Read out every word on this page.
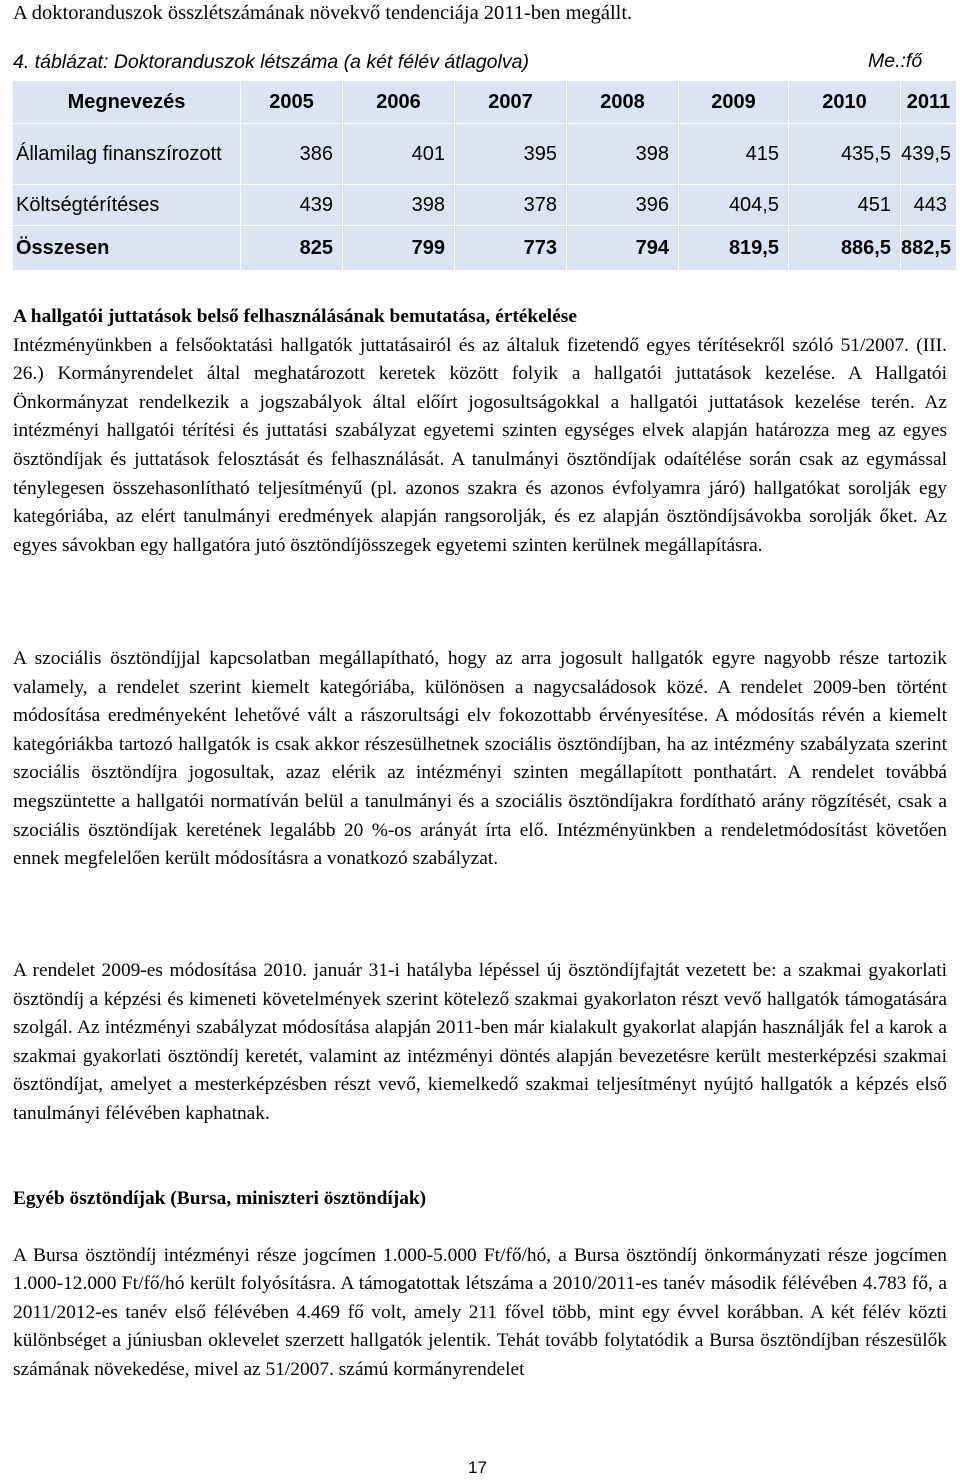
A doktoranduszok összlétszámának növekvő tendenciája 2011-ben megállt.
4. táblázat: Doktoranduszok létszáma (a két félév átlagolva)	Me.:fő
Megnevezés	2005	2006	2007	2008	2009	2010	2011
Államilag finanszírozott	386	401	395	398	415	435,5	439,5
Költségtérítéses	439	398	378	396	404,5	451	443
Összesen	825	799	773	794	819,5	886,5	882,5
A hallgatói juttatások belső felhasználásának bemutatása, értékelése
Intézményünkben a felsőoktatási hallgatók juttatásairól és az általuk fizetendő egyes térítésekről szóló 51/2007. (III. 26.) Kormányrendelet által meghatározott keretek között folyik a hallgatói juttatások kezelése. A Hallgatói Önkormányzat rendelkezik a jogszabályok által előírt jogosultságokkal a hallgatói juttatások kezelése terén. Az intézményi hallgatói térítési és juttatási szabályzat egyetemi szinten egységes elvek alapján határozza meg az egyes ösztöndíjak és juttatások felosztását és felhasználását. A tanulmányi ösztöndíjak odaítélése során csak az egymással ténylegesen összehasonlítható teljesítményű (pl. azonos szakra és azonos évfolyamra járó) hallgatókat sorolják egy kategóriába, az elért tanulmányi eredmények alapján rangsorolják, és ez alapján ösztöndíjsávokba sorolják őket. Az egyes sávokban egy hallgatóra jutó ösztöndíjösszegek egyetemi szinten kerülnek megállapításra.
A szociális ösztöndíjjal kapcsolatban megállapítható, hogy az arra jogosult hallgatók egyre nagyobb része tartozik valamely, a rendelet szerint kiemelt kategóriába, különösen a nagycsaládosok közé. A rendelet 2009-ben történt módosítása eredményeként lehetővé vált a rászorultsági elv fokozottabb érvényesítése. A módosítás révén a kiemelt kategóriákba tartozó hallgatók is csak akkor részesülhetnek szociális ösztöndíjban, ha az intézmény szabályzata szerint szociális ösztöndíjra jogosultak, azaz elérik az intézményi szinten megállapított ponthatárt. A rendelet továbbá megszüntette a hallgatói normatíván belül a tanulmányi és a szociális ösztöndíjakra fordítható arány rögzítését, csak a szociális ösztöndíjak keretének legalább 20 %-os arányát írta elő. Intézményünkben a rendeletmódosítást követően ennek megfelelően került módosításra a vonatkozó szabályzat.
A rendelet 2009-es módosítása 2010. január 31-i hatályba lépéssel új ösztöndíjfajtát vezetett be: a szakmai gyakorlati ösztöndíj a képzési és kimeneti követelmények szerint kötelező szakmai gyakorlaton részt vevő hallgatók támogatására szolgál. Az intézményi szabályzat módosítása alapján 2011-ben már kialakult gyakorlat alapján használják fel a karok a szakmai gyakorlati ösztöndíj keretét, valamint az intézményi döntés alapján bevezetésre került mesterképzési szakmai ösztöndíjat, amelyet a mesterképzésben részt vevő, kiemelkedő szakmai teljesítményt nyújtó hallgatók a képzés első tanulmányi félévében kaphatnak.
Egyéb ösztöndíjak (Bursa, miniszteri ösztöndíjak)
A Bursa ösztöndíj intézményi része jogcímen 1.000-5.000 Ft/fő/hó, a Bursa ösztöndíj önkormányzati része jogcímen 1.000-12.000 Ft/fő/hó került folyósításra. A támogatottak létszáma a 2010/2011-es tanév második félévében 4.783 fő, a 2011/2012-es tanév első félévében 4.469 fő volt, amely 211 fővel több, mint egy évvel korábban. A két félév közti különbséget a júniusban oklevelet szerzett hallgatók jelentik. Tehát tovább folytatódik a Bursa ösztöndíjban részesülők számának növekedése, mivel az 51/2007. számú kormányrendelet
17
